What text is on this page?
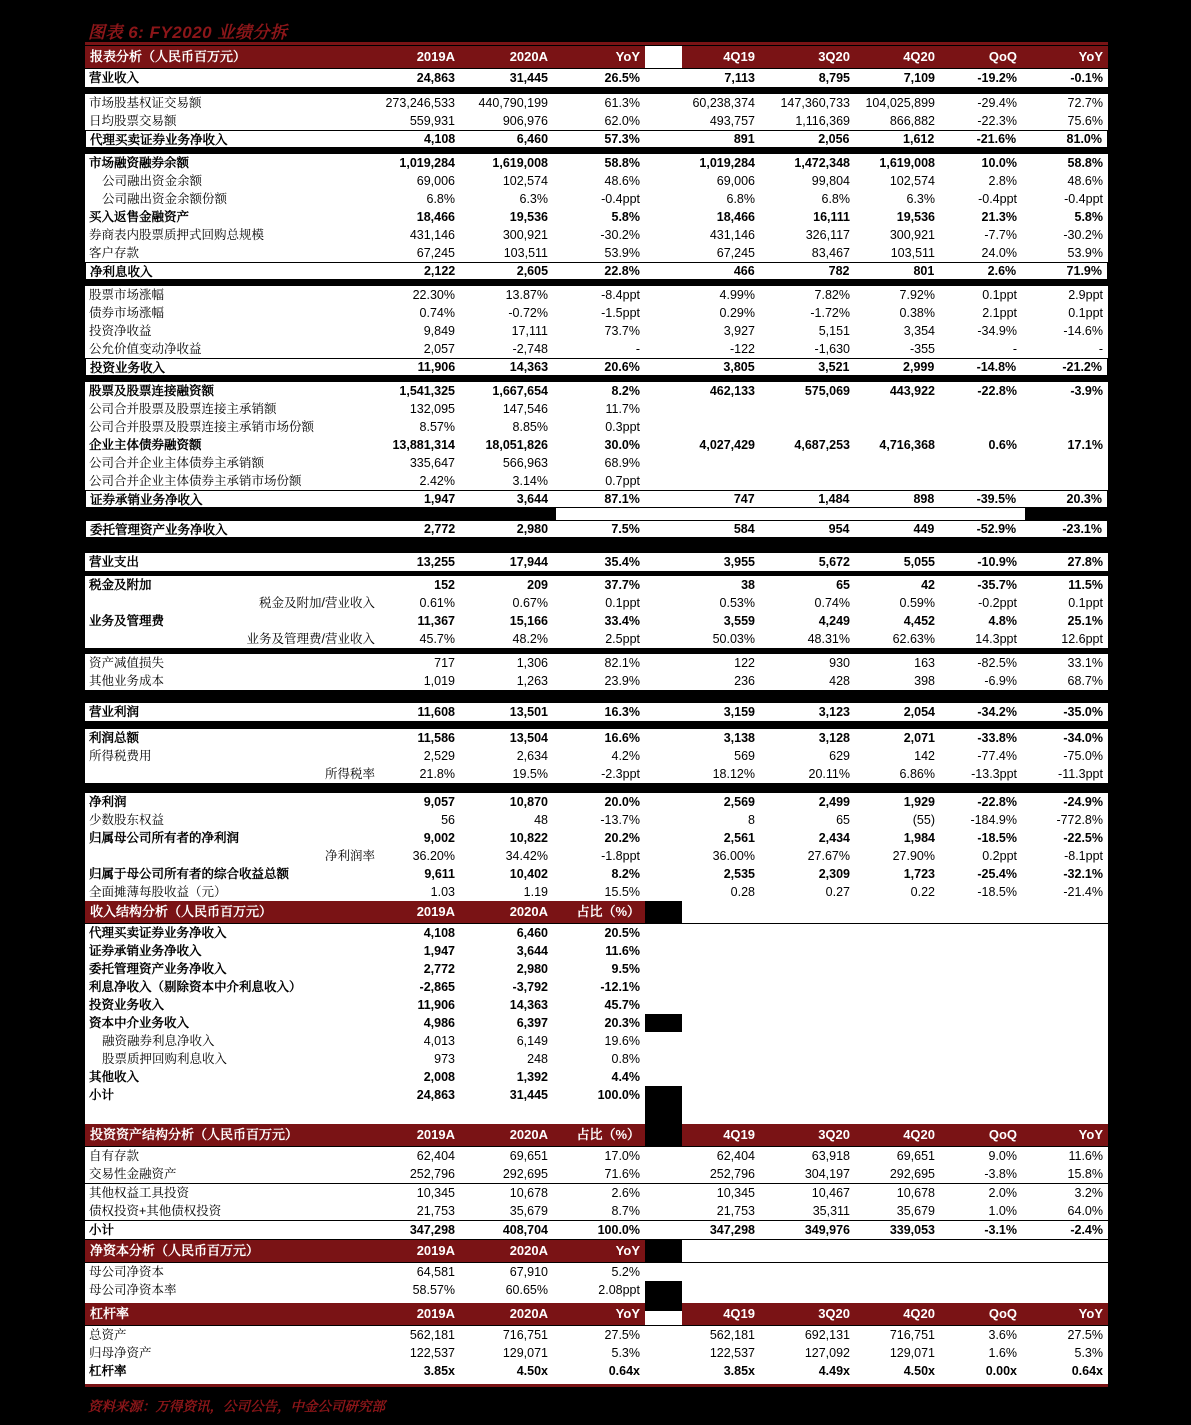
图表 6: FY2020 业绩分拆
报表分析（人民币百万元）	2019A	2020A	YoY	4Q19	3Q20	4Q20	QoQ	YoY
营业收入	24,863	31,445	26.5%	7,113	8,795	7,109	-19.2%	-0.1%
市场股基权证交易额	273,246,533 440,790,199	61.3%	60,238,374 147,360,733 104,025,899	-29.4%	72.7%
日均股票交易额	559,931	906,976	62.0%	493,757	1,116,369	866,882	-22.3%	75.6%
代理买卖证券业务净收入	4,108	6,460	57.3%	891	2,056	1,612	-21.6%	81.0%
市场融资融券余额	1,019,284	1,619,008	58.8%	1,019,284	1,472,348 1,619,008	10.0%	58.8%
公司融出资金余额	69,006	102,574	48.6%	69,006	99,804	102,574	2.8%	48.6%
公司融出资金余额份额	6.8%	6.3%	-0.4ppt	6.8%	6.8%	6.3%	-0.4ppt	-0.4ppt
买入返售金融资产	18,466	19,536	5.8%	18,466	16,111	19,536	21.3%	5.8%
券商表内股票质押式回购总规模	431,146	300,921	-30.2%	431,146	326,117	300,921	-7.7%	-30.2%
客户存款	67,245	103,511	53.9%	67,245	83,467	103,511	24.0%	53.9%
净利息收入	2,122	2,605	22.8%	466	782	801	2.6%	71.9%
股票市场涨幅	22.30%	13.87%	-8.4ppt	4.99%	7.82%	7.92%	0.1ppt	2.9ppt
债券市场涨幅	0.74%	-0.72%	-1.5ppt	0.29%	-1.72%	0.38%	2.1ppt	0.1ppt
投资净收益	9,849	17,111	73.7%	3,927	5,151	3,354	-34.9%	-14.6%
公允价值变动净收益	2,057	-2,748	-	-122	-1,630	-355	-	-
投资业务收入	11,906	14,363	20.6%	3,805	3,521	2,999	-14.8%	-21.2%
股票及股票连接融资额	1,541,325	1,667,654	8.2%	462,133	575,069	443,922	-22.8%	-3.9%
公司合并股票及股票连接主承销额	132,095	147,546	11.7%
公司合并股票及股票连接主承销市场份额	8.57%	8.85%	0.3ppt
企业主体债券融资额	13,881,314 18,051,826	30.0%	4,027,429	4,687,253 4,716,368	0.6%	17.1%
公司合并企业主体债券主承销额	335,647	566,963	68.9%
公司合并企业主体债券主承销市场份额	2.42%	3.14%	0.7ppt
证券承销业务净收入	1,947	3,644	87.1%	747	1,484	898	-39.5%	20.3%
委托管理资产业务净收入	2,772	2,980	7.5%	584	954	449	-52.9%	-23.1%
营业支出	13,255	17,944	35.4%	3,955	5,672	5,055	-10.9%	27.8%
税金及附加	152	209	37.7%	38	65	42	-35.7%	11.5%
税金及附加/营业收入	0.61%	0.67%	0.1ppt	0.53%	0.74%	0.59%	-0.2ppt	0.1ppt
业务及管理费	11,367	15,166	33.4%	3,559	4,249	4,452	4.8%	25.1%
业务及管理费/营业收入	45.7%	48.2%	2.5ppt	50.03%	48.31%	62.63%	14.3ppt	12.6ppt
资产减值损失	717	1,306	82.1%	122	930	163	-82.5%	33.1%
其他业务成本	1,019	1,263	23.9%	236	428	398	-6.9%	68.7%
营业利润	11,608	13,501	16.3%	3,159	3,123	2,054	-34.2%	-35.0%
利润总额	11,586	13,504	16.6%	3,138	3,128	2,071	-33.8%	-34.0%
所得税费用	2,529	2,634	4.2%	569	629	142	-77.4%	-75.0%
所得税率	21.8%	19.5%	-2.3ppt	18.12%	20.11%	6.86%	-13.3ppt	-11.3ppt
净利润	9,057	10,870	20.0%	2,569	2,499	1,929	-22.8%	-24.9%
少数股东权益	56	48	-13.7%	8	65	(55)	-184.9%	-772.8%
归属母公司所有者的净利润	9,002	10,822	20.2%	2,561	2,434	1,984	-18.5%	-22.5%
净利润率	36.20%	34.42%	-1.8ppt	36.00%	27.67%	27.90%	0.2ppt	-8.1ppt
归属于母公司所有者的综合收益总额	9,611	10,402	8.2%	2,535	2,309	1,723	-25.4%	-32.1%
全面摊薄每股收益（元）	1.03	1.19	15.5%	0.28	0.27	0.22	-18.5%	-21.4%
收入结构分析（人民币百万元）	2019A	2020A 占比（%）
代理买卖证券业务净收入	4,108	6,460	20.5%
证券承销业务净收入	1,947	3,644	11.6%
委托管理资产业务净收入	2,772	2,980	9.5%
利息净收入（剔除资本中介利息收入）	-2,865	-3,792	-12.1%
投资业务收入	11,906	14,363	45.7%
资本中介业务收入	4,986	6,397	20.3%
融资融券利息净收入	4,013	6,149	19.6%
股票质押回购利息收入	973	248	0.8%
其他收入	2,008	1,392	4.4%
小计	24,863	31,445	100.0%
投资资产结构分析（人民币百万元）	2019A	2020A 占比（%）	4Q19	3Q20	4Q20	QoQ	YoY
自有存款	62,404	69,651	17.0%	62,404	63,918	69,651	9.0%	11.6%
交易性金融资产	252,796	292,695	71.6%	252,796	304,197	292,695	-3.8%	15.8%
其他权益工具投资	10,345	10,678	2.6%	10,345	10,467	10,678	2.0%	3.2%
债权投资+其他债权投资	21,753	35,679	8.7%	21,753	35,311	35,679	1.0%	64.0%
小计	347,298	408,704	100.0%	347,298	349,976	339,053	-3.1%	-2.4%
净资本分析（人民币百万元）	2019A	2020A	YoY
母公司净资本	64,581	67,910	5.2%
母公司净资本率	58.57%	60.65%	2.08ppt
杠杆率	2019A	2020A	YoY	4Q19	3Q20	4Q20	QoQ	YoY
总资产	562,181	716,751	27.5%	562,181	692,131	716,751	3.6%	27.5%
归母净资产	122,537	129,071	5.3%	122,537	127,092	129,071	1.6%	5.3%
杠杆率	3.85x	4.50x	0.64x	3.85x	4.49x	4.50x	0.00x	0.64x
资料来源：万得资讯，公司公告，中金公司研究部
